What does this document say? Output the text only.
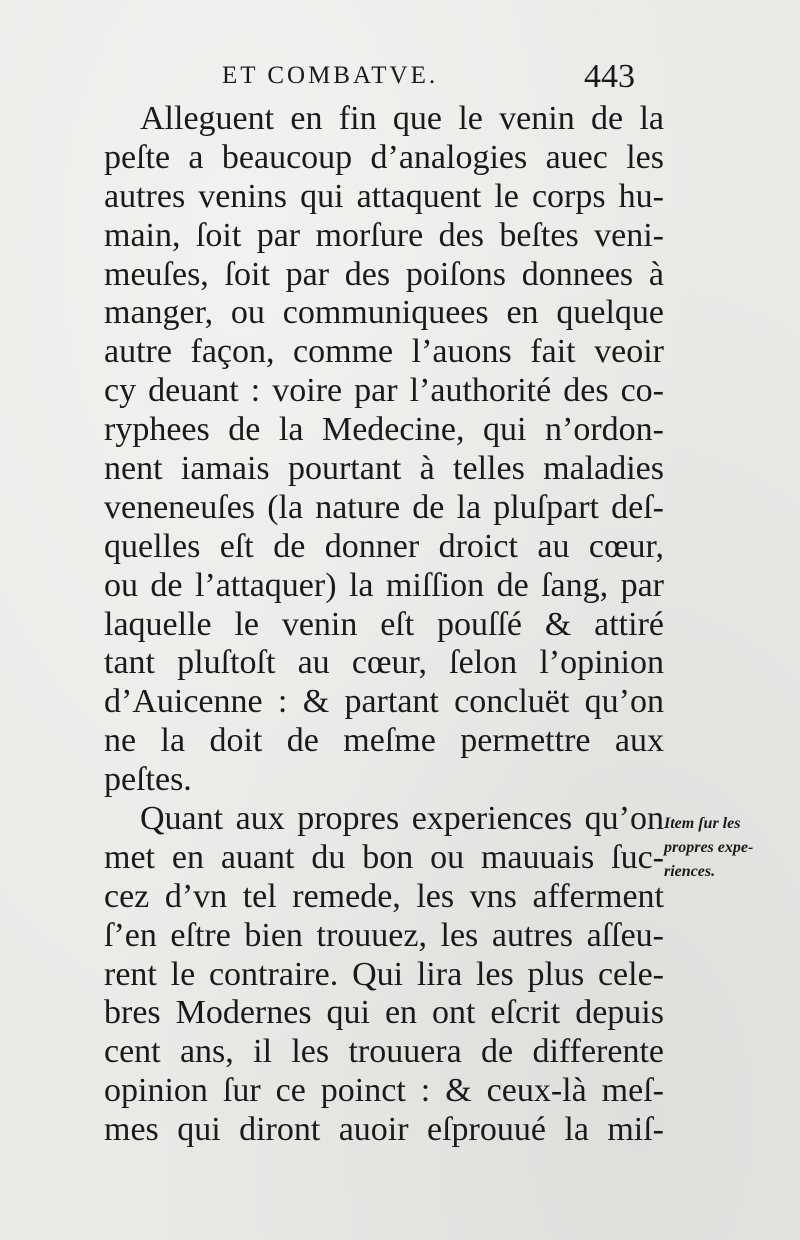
ET COMBATVE.	443
Alleguent en fin que le venin de la
peſte a beaucoup d’analogies auec les
autres venins qui attaquent le corps hu-
main, ſoit par morſure des beſtes veni-
meuſes, ſoit par des poiſons donnees à
manger, ou communiquees en quelque
autre façon, comme l’auons fait veoir
cy deuant : voire par l’authorité des co-
ryphees de la Medecine, qui n’ordon-
nent iamais pourtant à telles maladies
veneneuſes (la nature de la pluſpart deſ-
quelles eſt de donner droict au cœur,
ou de l’attaquer) la miſſion de ſang, par
laquelle le venin eſt pouſſé & attiré
tant pluſtoſt au cœur, ſelon l’opinion
d’Auicenne : & partant concluët qu’on
ne la doit de meſme permettre aux
peſtes.
Quant aux propres experiences qu’on
met en auant du bon ou mauuais ſuc-
cez d’vn tel remede, les vns afferment
ſ’en eſtre bien trouuez, les autres aſſeu-
rent le contraire. Qui lira les plus cele-
bres Modernes qui en ont eſcrit depuis
cent ans, il les trouuera de differente
opinion ſur ce poinct : & ceux-là meſ-
mes qui diront auoir eſprouué la miſ-
Item ſur les
propres expe-
riences.
